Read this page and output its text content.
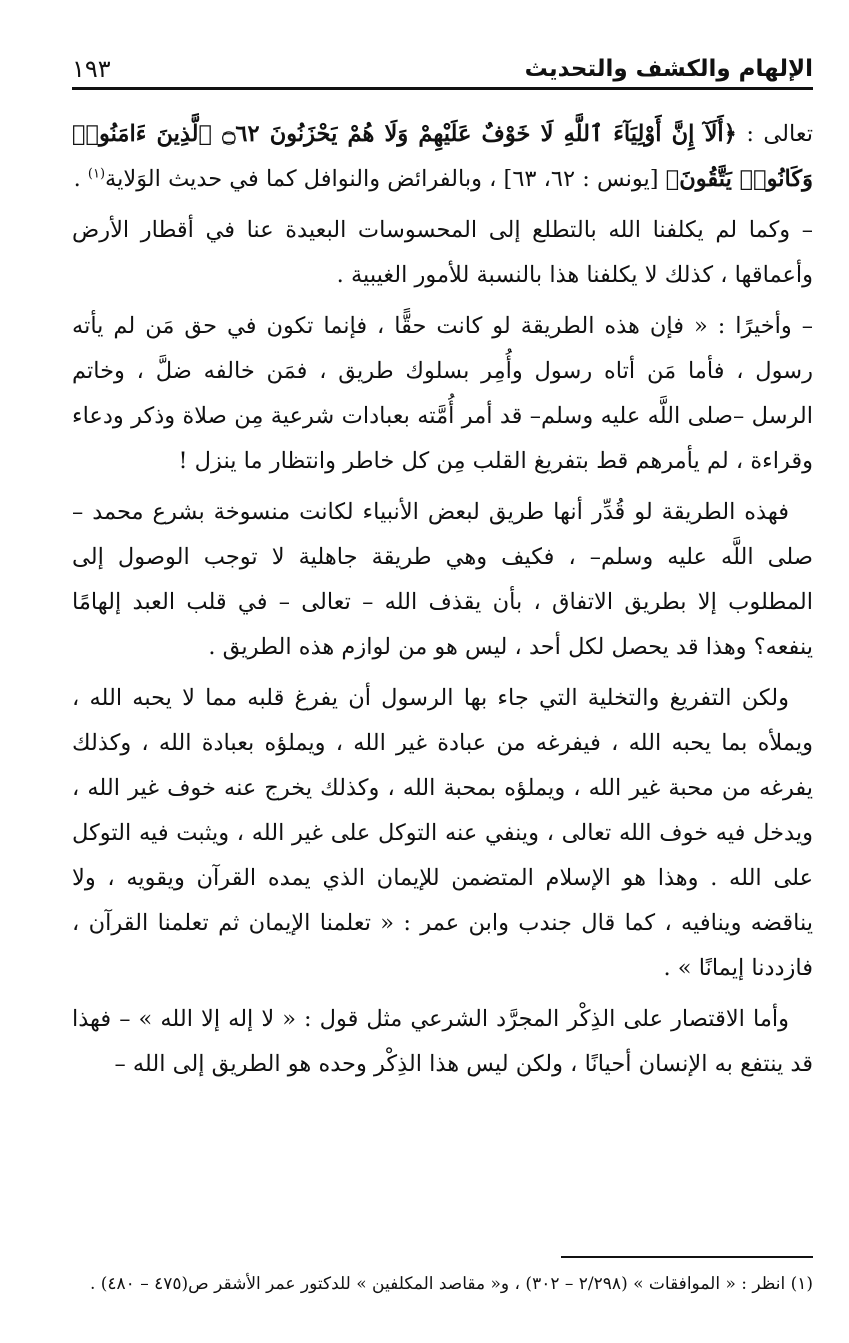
الإلهام والكشف والتحديث
١٩٣

تعالى : ﴿أَلَآ إِنَّ أَوْلِيَآءَ ٱللَّهِ لَا خَوْفٌ عَلَيْهِمْ وَلَا هُمْ يَحْزَنُونَ ۝٦٢ ٱلَّذِينَ ءَامَنُوا۟ وَكَانُوا۟ يَتَّقُونَ﴾ [يونس : ٦٢، ٦٣] ، وبالفرائض والنوافل كما في حديث الوَلاية$^{(١)}$ .

– وكما لم يكلفنا الله بالتطلع إلى المحسوسات البعيدة عنا في أقطار الأرض وأعماقها ، كذلك لا يكلفنا هذا بالنسبة للأمور الغيبية .

– وأخيرًا : « فإن هذه الطريقة لو كانت حقًّا ، فإنما تكون في حق مَن لم يأته رسول ، فأما مَن أتاه رسول وأُمِر بسلوك طريق ، فمَن خالفه ضلَّ ، وخاتم الرسل –صلى اللَّه عليه وسلم– قد أمر أُمَّته بعبادات شرعية مِن صلاة وذكر ودعاء وقراءة ، لم يأمرهم قط بتفريغ القلب مِن كل خاطر وانتظار ما ينزل !

فهذه الطريقة لو قُدِّر أنها طريق لبعض الأنبياء لكانت منسوخة بشرع محمد –صلى اللَّه عليه وسلم– ، فكيف وهي طريقة جاهلية لا توجب الوصول إلى المطلوب إلا بطريق الاتفاق ، بأن يقذف الله – تعالى – في قلب العبد إلهامًا ينفعه؟ وهذا قد يحصل لكل أحد ، ليس هو من لوازم هذه الطريق .

ولكن التفريغ والتخلية التي جاء بها الرسول أن يفرغ قلبه مما لا يحبه الله ، ويملأه بما يحبه الله ، فيفرغه من عبادة غير الله ، ويملؤه بعبادة الله ، وكذلك يفرغه من محبة غير الله ، ويملؤه بمحبة الله ، وكذلك يخرج عنه خوف غير الله ، ويدخل فيه خوف الله تعالى ، وينفي عنه التوكل على غير الله ، ويثبت فيه التوكل على الله . وهذا هو الإسلام المتضمن للإيمان الذي يمده القرآن ويقويه ، ولا يناقضه وينافيه ، كما قال جندب وابن عمر : « تعلمنا الإيمان ثم تعلمنا القرآن ، فازددنا إيمانًا » .

وأما الاقتصار على الذِكْر المجرَّد الشرعي مثل قول : « لا إله إلا الله » – فهذا قد ينتفع به الإنسان أحيانًا ، ولكن ليس هذا الذِكْر وحده هو الطريق إلى الله –

(١) انظر : « الموافقات » (٢/٢٩٨ – ٣٠٢) ، و« مقاصد المكلفين » للدكتور عمر الأشقر ص(٤٧٥ – ٤٨٠) .
